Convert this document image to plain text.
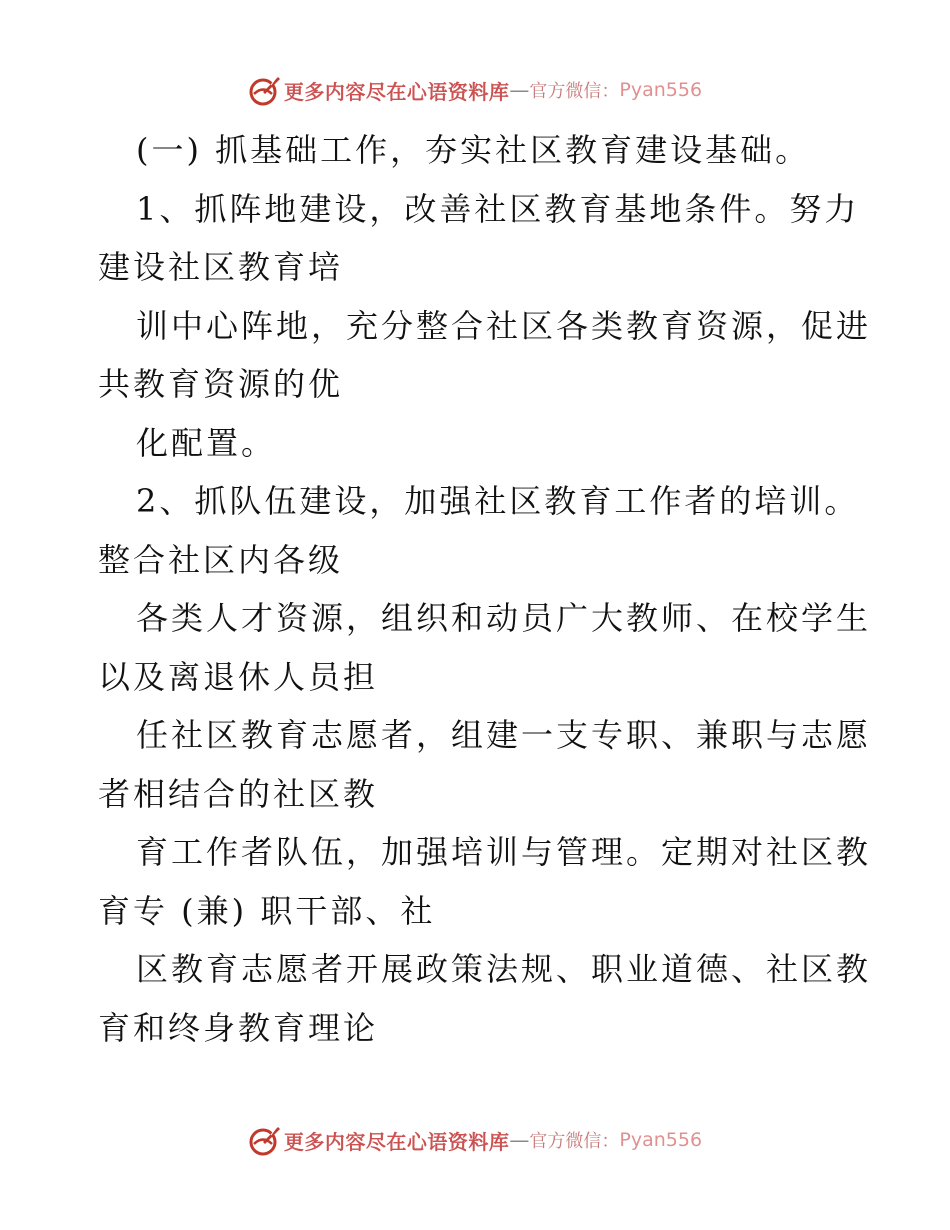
更多内容尽在心语资料库 — 官方微信： Pyan556
(一) 抓基础工作，夯实社区教育建设基础。
1、抓阵地建设，改善社区教育基地条件。努力
建设社区教育培
训中心阵地，充分整合社区各类教育资源，促进
共教育资源的优
化配置。
2、抓队伍建设，加强社区教育工作者的培训。
整合社区内各级
各类人才资源，组织和动员广大教师、在校学生
以及离退休人员担
任社区教育志愿者，组建一支专职、兼职与志愿
者相结合的社区教
育工作者队伍，加强培训与管理。定期对社区教
育专 (兼) 职干部、社
区教育志愿者开展政策法规、职业道德、社区教
育和终身教育理论
更多内容尽在心语资料库 — 官方微信： Pyan556
